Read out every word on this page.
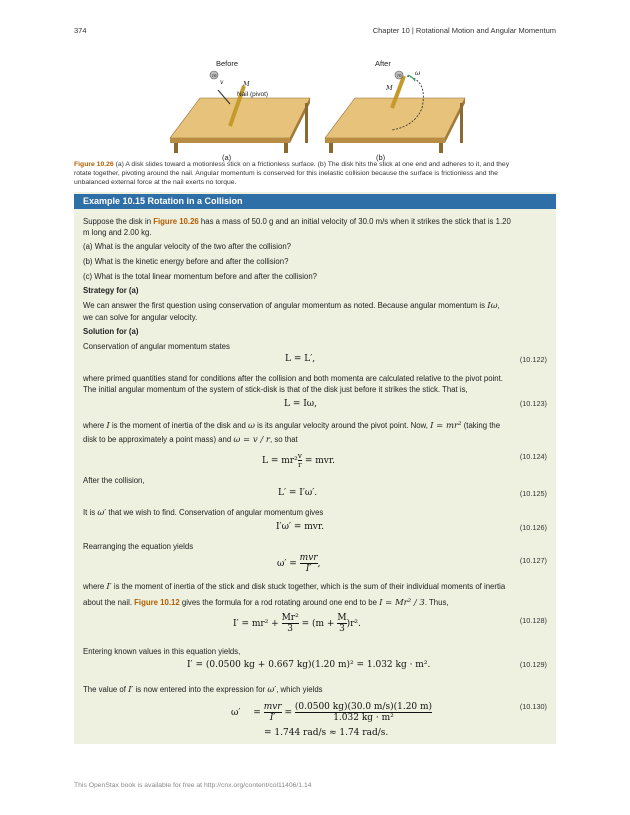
374	Chapter 10 | Rotational Motion and Angular Momentum
Before
m
M
v
Nail (pivot)
(a)
After
m
M
ω
(b)
Figure 10.26 (a) A disk slides toward a motionless stick on a frictionless surface. (b) The disk hits the stick at one end and adheres to it, and they
rotate together, pivoting around the nail. Angular momentum is conserved for this inelastic collision because the surface is frictionless and the
unbalanced external force at the nail exerts no torque.
Example 10.15 Rotation in a Collision
Suppose the disk in Figure 10.26 has a mass of 50.0 g and an initial velocity of 30.0 m/s when it strikes the stick that is 1.20
m long and 2.00 kg.
(a) What is the angular velocity of the two after the collision?
(b) What is the kinetic energy before and after the collision?
(c) What is the total linear momentum before and after the collision?
Strategy for (a)
We can answer the first question using conservation of angular momentum as noted. Because angular momentum is Iω,
we can solve for angular velocity.
Solution for (a)
Conservation of angular momentum states
L = L′,	(10.122)
where primed quantities stand for conditions after the collision and both momenta are calculated relative to the pivot point.
The initial angular momentum of the system of stick-disk is that of the disk just before it strikes the stick. That is,
L = Iω,	(10.123)
where I is the moment of inertia of the disk and ω is its angular velocity around the pivot point. Now, I = mr² (taking the
disk to be approximately a point mass) and ω = v / r, so that
$L = mr^2 \frac{v}{r}$ = mvr.	(10.124)
After the collision,
L′ = I′ω′.	(10.125)
It is ω′ that we wish to find. Conservation of angular momentum gives
I′ω′ = mvr.	(10.126)
Rearranging the equation yields
ω′ =
mvr
I′ ,	(10.127)
where I′ is the moment of inertia of the stick and disk stuck together, which is the sum of their individual moments of inertia
about the nail. Figure 10.12 gives the formula for a rod rotating around one end to be I = Mr² / 3. Thus,
$I' = mr^2 + \frac{\text{Mr²}}{3} = (m + \frac{M}{3} )r^2$.	(10.128)
Entering known values in this equation yields,
I′ = (0.0500 kg + 0.667 kg)(1.20 m)² = 1.032 kg · m².	(10.129)
The value of I′ is now entered into the expression for ω′, which yields
ω′ =
mvr
I′	= $\frac{(0.0500 kg)(30.0 m/s)(1.20 m)}{\text{1.032 kg · m²}}$
= 1.744 rad/s ≈ 1.74 rad/s.
(10.130)
This OpenStax book is available for free at http://cnx.org/content/col11406/1.14
